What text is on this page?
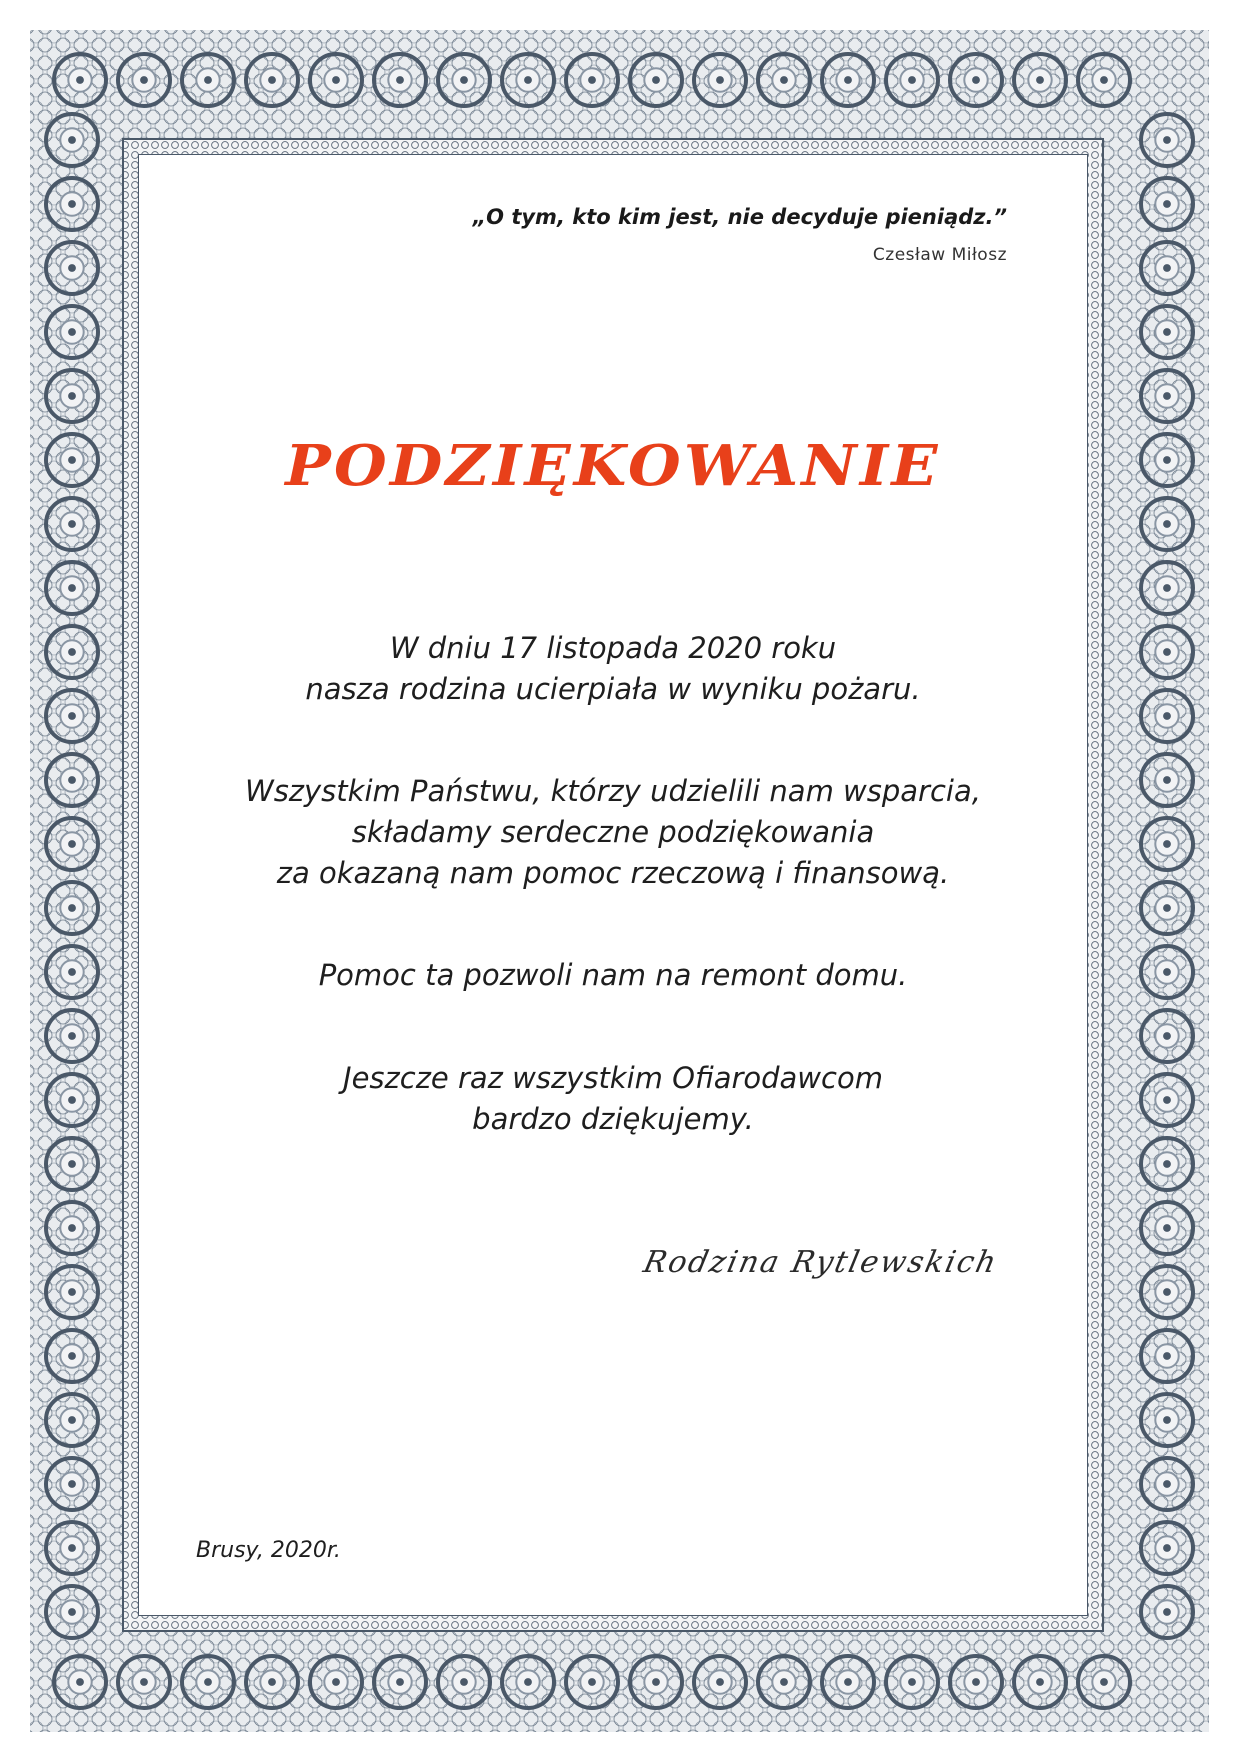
„O tym, kto kim jest, nie decyduje pieniądz.”
Czesław Miłosz
PODZIĘKOWANIE
W dniu 17 listopada 2020 roku
nasza rodzina ucierpiała w wyniku pożaru.
Wszystkim Państwu, którzy udzielili nam wsparcia,
składamy serdeczne podziękowania
za okazaną nam pomoc rzeczową i finansową.
Pomoc ta pozwoli nam na remont domu.
Jeszcze raz wszystkim Ofiarodawcom
bardzo dziękujemy.
Rodzina Rytlewskich
Brusy, 2020r.
